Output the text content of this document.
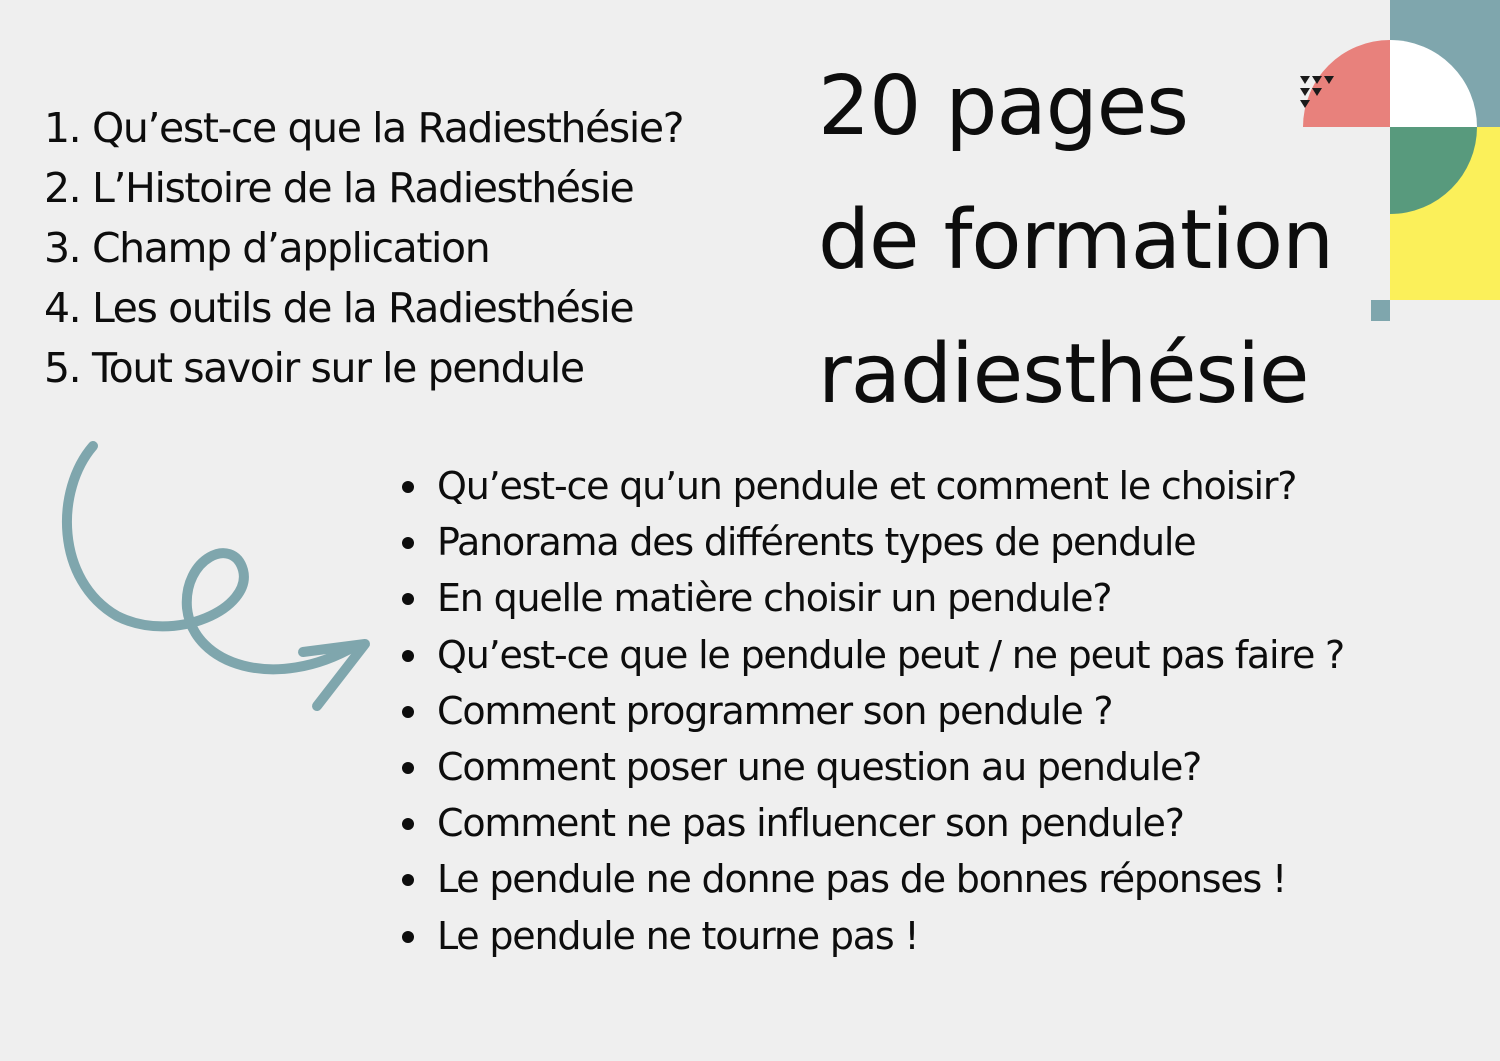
1. Qu’est-ce que la Radiesthésie?
2. L’Histoire de la Radiesthésie
3. Champ d’application
4. Les outils de la Radiesthésie
5. Tout savoir sur le pendule
20 pages
de formation
radiesthésie
Qu’est-ce qu’un pendule et comment le choisir?
Panorama des différents types de pendule
En quelle matière choisir un pendule?
Qu’est-ce que le pendule peut / ne peut pas faire ?
Comment programmer son pendule ?
Comment poser une question au pendule?
Comment ne pas influencer son pendule?
Le pendule ne donne pas de bonnes réponses !
Le pendule ne tourne pas !
